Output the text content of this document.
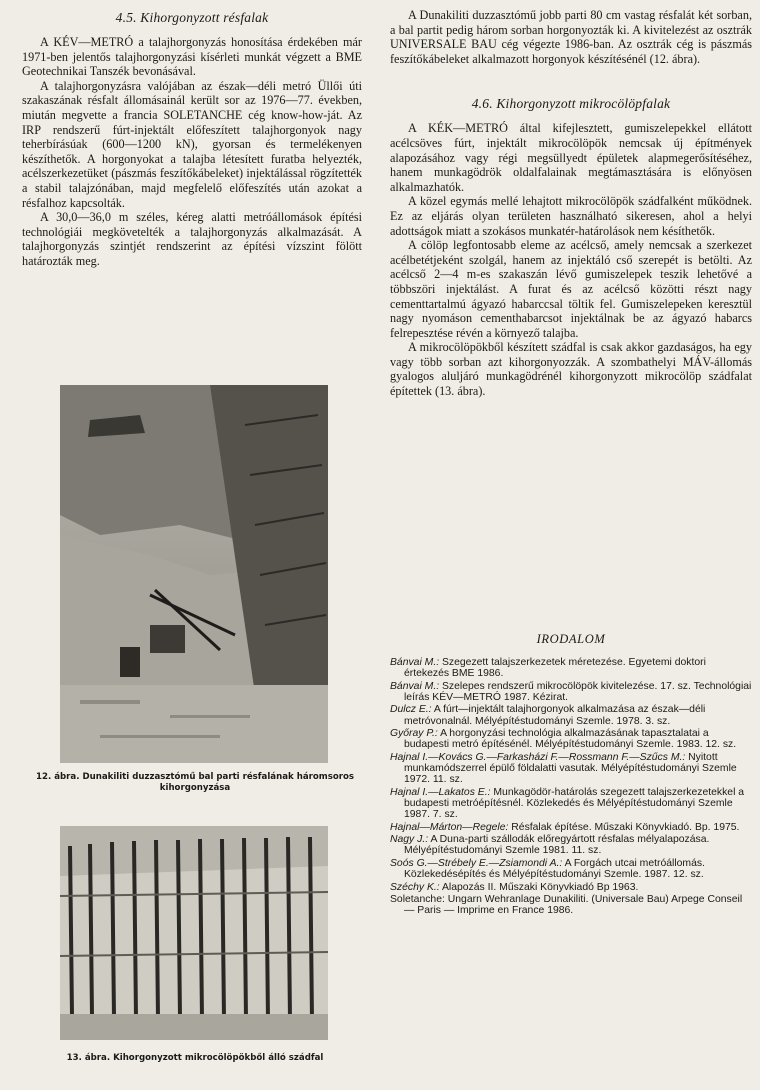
4.5. Kihorgonyzott résfalak

A KÉV—METRÓ a talajhorgonyzás honosítása érdekében már 1971-ben jelentős talajhorgonyzási kísérleti munkát végzett a BME Geotechnikai Tanszék bevonásával.

A talajhorgonyzásra valójában az észak—déli metró Üllői úti szakaszának résfalt állomásainál került sor az 1976—77. években, miután megvette a francia SOLETANCHE cég know-how-ját. Az IRP rendszerű fúrt-injektált előfeszített talajhorgonyok nagy teherbírásúak (600—1200 kN), gyorsan és termelékenyen készíthetők. A horgonyokat a talajba létesített furatba helyezték, acélszerkezetüket (pászmás feszítőkábeleket) injektálással rögzítették a stabil talajzónában, majd megfelelő előfeszítés után azokat a résfalhoz kapcsolták.

A 30,0—36,0 m széles, kéreg alatti metróállomások építési technológiái megkövetelték a talajhorgonyzás alkalmazását. A talajhorgonyzás szintjét rendszerint az építési vízszint fölött határozták meg.

12. ábra. Dunakiliti duzzasztómű bal parti résfalának háromsoros kihorgonyzása
13. ábra. Kihorgonyzott mikrocölöpökből álló szádfal

A Dunakiliti duzzasztómű jobb parti 80 cm vastag résfalát két sorban, a bal partit pedig három sorban horgonyozták ki. A kivitelezést az osztrák UNIVERSALE BAU cég végezte 1986-ban. Az osztrák cég is pászmás feszítőkábeleket alkalmazott horgonyok készítésénél (12. ábra).

4.6. Kihorgonyzott mikrocölöpfalak

A KÉK—METRÓ által kifejlesztett, gumiszelepekkel ellátott acélcsöves fúrt, injektált mikrocölöpök nemcsak új építmények alapozásához vagy régi megsüllyedt épületek alapmegerősítéséhez, hanem munkagödrök oldalfalainak megtámasztására is előnyösen alkalmazhatók.

A közel egymás mellé lehajtott mikrocölöpök szádfalként működnek. Ez az eljárás olyan területen használható sikeresen, ahol a helyi adottságok miatt a szokásos munkatér-határolások nem késíthetők.

A cölöp legfontosabb eleme az acélcső, amely nemcsak a szerkezet acélbetétjeként szolgál, hanem az injektáló cső szerepét is betölti. Az acélcső 2—4 m-es szakaszán lévő gumiszelepek teszik lehetővé a többszöri injektálást. A furat és az acélcső közötti részt nagy cementtartalmú ágyazó habarccsal töltik fel. Gumiszelepeken keresztül nagy nyomáson cementhabarcsot injektálnak be az ágyazó habarcs felrepesztése révén a környező talajba.

A mikrocölöpökből készített szádfal is csak akkor gazdaságos, ha egy vagy több sorban azt kihorgonyozzák. A szombathelyi MÁV-állomás gyalogos aluljáró munkagödrénél kihorgonyzott mikrocölöp szádfalat építettek (13. ábra).

IRODALOM
Bánvai M.: Szegezett talajszerkezetek méretezése. Egyetemi doktori értekezés BME 1986.
Bánvai M.: Szelepes rendszerű mikrocölöpök kivitelezése. 17. sz. Technológiai leírás KÉV—METRÓ 1987. Kézirat.
Dulcz E.: A fúrt—injektált talajhorgonyok alkalmazása az észak—déli metróvonalnál. Mélyépítéstudományi Szemle. 1978. 3. sz.
Győray P.: A horgonyzási technológia alkalmazásának tapasztalatai a budapesti metró építésénél. Mélyépítéstudományi Szemle. 1983. 12. sz.
Hajnal I.—Kovács G.—Farkasházi F.—Rossmann F.—Szűcs M.: Nyitott munkamódszerrel épülő földalatti vasutak. Mélyépítéstudományi Szemle 1972. 11. sz.
Hajnal I.—Lakatos E.: Munkagödör-határolás szegezett talajszerkezetekkel a budapesti metróépítésnél. Közlekedés és Mélyépítéstudományi Szemle 1987. 7. sz.
Hajnal—Márton—Regele: Résfalak építése. Műszaki Könyvkiadó. Bp. 1975.
Nagy J.: A Duna-parti szállodák előregyártott résfalas mélyalapozása. Mélyépítéstudományi Szemle 1981. 11. sz.
Soós G.—Strébely E.—Zsiamondi A.: A Forgách utcai metróállomás. Közlekedésépítés és Mélyépítéstudományi Szemle. 1987. 12. sz.
Széchy K.: Alapozás II. Műszaki Könyvkiadó Bp 1963.
Soletanche: Ungarn Wehranlage Dunakiliti. (Universale Bau) Arpege Conseil — Paris — Imprime en France 1986.
